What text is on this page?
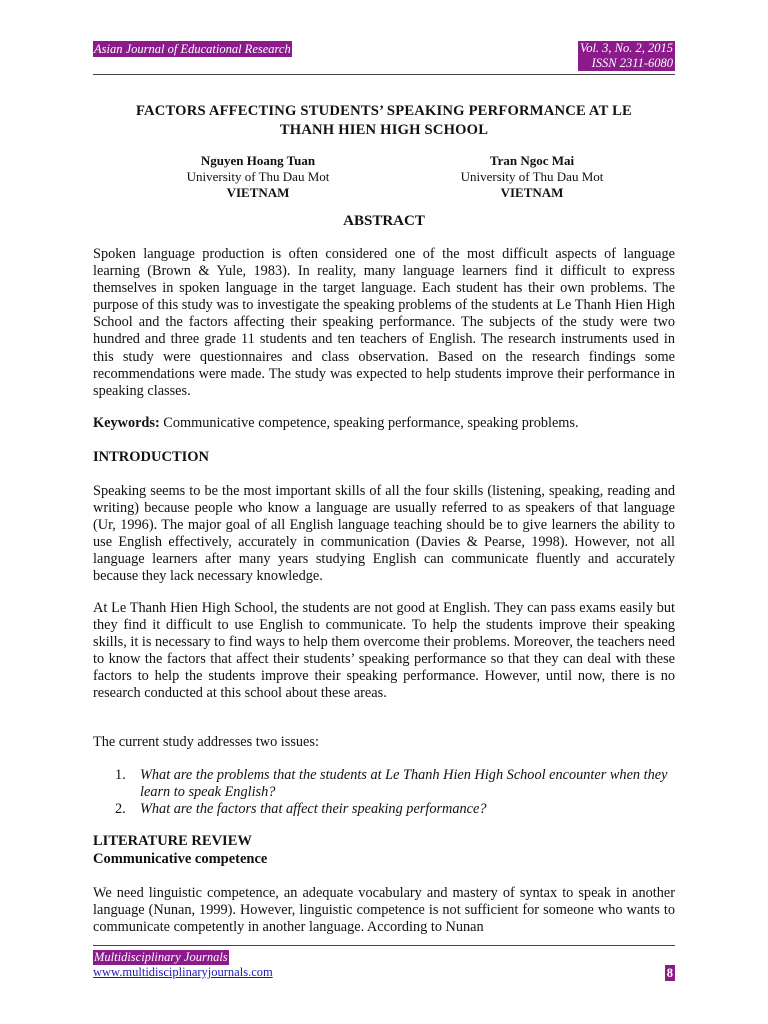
Asian Journal of Educational Research	Vol. 3, No. 2, 2015
ISSN 2311-6080
FACTORS AFFECTING STUDENTS’ SPEAKING PERFORMANCE AT LE
THANH HIEN HIGH SCHOOL
Nguyen Hoang Tuan
University of Thu Dau Mot
VIETNAM
Tran Ngoc Mai
University of Thu Dau Mot
VIETNAM
ABSTRACT
Spoken language production is often considered one of the most difficult aspects of language learning (Brown & Yule, 1983). In reality, many language learners find it difficult to express themselves in spoken language in the target language. Each student has their own problems. The purpose of this study was to investigate the speaking problems of the students at Le Thanh Hien High School and the factors affecting their speaking performance. The subjects of the study were two hundred and three grade 11 students and ten teachers of English. The research instruments used in this study were questionnaires and class observation. Based on the research findings some recommendations were made. The study was expected to help students improve their performance in speaking classes.
Keywords: Communicative competence, speaking performance, speaking problems.
INTRODUCTION
Speaking seems to be the most important skills of all the four skills (listening, speaking, reading and writing) because people who know a language are usually referred to as speakers of that language (Ur, 1996). The major goal of all English language teaching should be to give learners the ability to use English effectively, accurately in communication (Davies & Pearse, 1998). However, not all language learners after many years studying English can communicate fluently and accurately because they lack necessary knowledge.
At Le Thanh Hien High School, the students are not good at English. They can pass exams easily but they find it difficult to use English to communicate. To help the students improve their speaking skills, it is necessary to find ways to help them overcome their problems. Moreover, the teachers need to know the factors that affect their students’ speaking performance so that they can deal with these factors to help the students improve their speaking performance. However, until now, there is no research conducted at this school about these areas.
The current study addresses two issues:
1. What are the problems that the students at Le Thanh Hien High School encounter when they learn to speak English?
2. What are the factors that affect their speaking performance?
LITERATURE REVIEW
Communicative competence
We need linguistic competence, an adequate vocabulary and mastery of syntax to speak in another language (Nunan, 1999). However, linguistic competence is not sufficient for someone who wants to communicate competently in another language. According to Nunan
Multidisciplinary Journals
www.multidisciplinaryjournals.com	8
